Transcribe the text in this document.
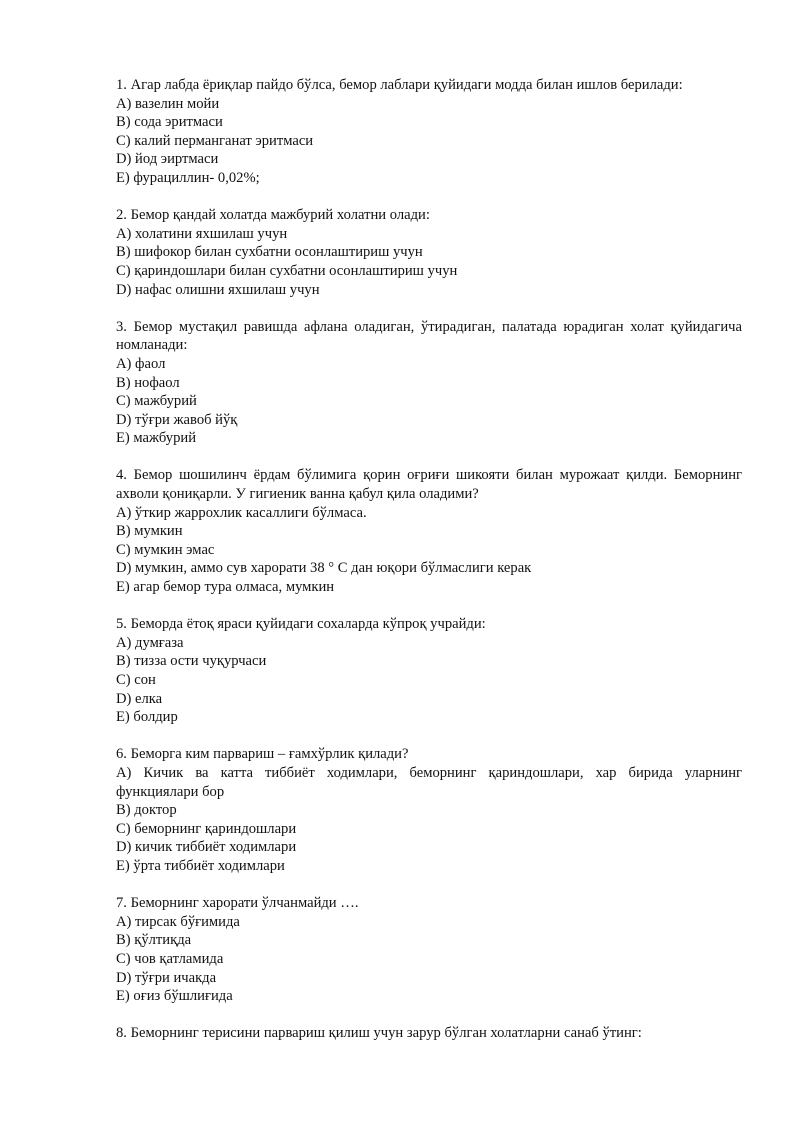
1. Агар лабда ёриқлар пайдо бўлса, бемор лаблари қуйидаги модда билан ишлов берилади:
A) вазелин мойи
B) сода эритмаси
C) калий перманганат эритмаси
D) йод эиртмаси
E) фурациллин- 0,02%;
2. Бемор қандай холатда мажбурий холатни олади:
A) холатини яхшилаш учун
B) шифокор билан сухбатни осонлаштириш учун
C) қариндошлари билан сухбатни осонлаштириш учун
D) нафас олишни яхшилаш учун
3. Бемор мустақил равишда афлана оладиган, ўтирадиган, палатада юрадиган холат қуйидагича номланади:
A) фаол
B) нофаол
C) мажбурий
D) тўғри жавоб йўқ
E) мажбурий
4. Бемор шошилинч ёрдам бўлимига қорин оғриғи шикояти билан мурожаат қилди. Беморнинг ахволи қониқарли. У гигиеник ванна қабул қила оладими?
A) ўткир жаррохлик касаллиги бўлмаса.
B) мумкин
C) мумкин эмас
D) мумкин, аммо сув харорати 38 ° С дан юқори бўлмаслиги керак
E) агар бемор тура олмаса, мумкин
5. Беморда ётоқ яраси қуйидаги сохаларда кўпроқ учрайди:
A) думғаза
B) тизза ости чуқурчаси
C) сон
D) елка
E) болдир
6. Беморга ким парвариш – ғамхўрлик қилади?
A) Кичик ва катта тиббиёт ходимлари, беморнинг қариндошлари, хар бирида уларнинг функциялари бор
B) доктор
C) беморнинг қариндошлари
D) кичик тиббиёт ходимлари
E) ўрта тиббиёт ходимлари
7. Беморнинг харорати ўлчанмайди ….
A) тирсак бўғимида
B) қўлтиқда
C) чов қатламида
D) тўғри ичакда
E) оғиз бўшлиғида
8. Беморнинг терисини парвариш қилиш учун зарур бўлган холатларни санаб ўтинг:
